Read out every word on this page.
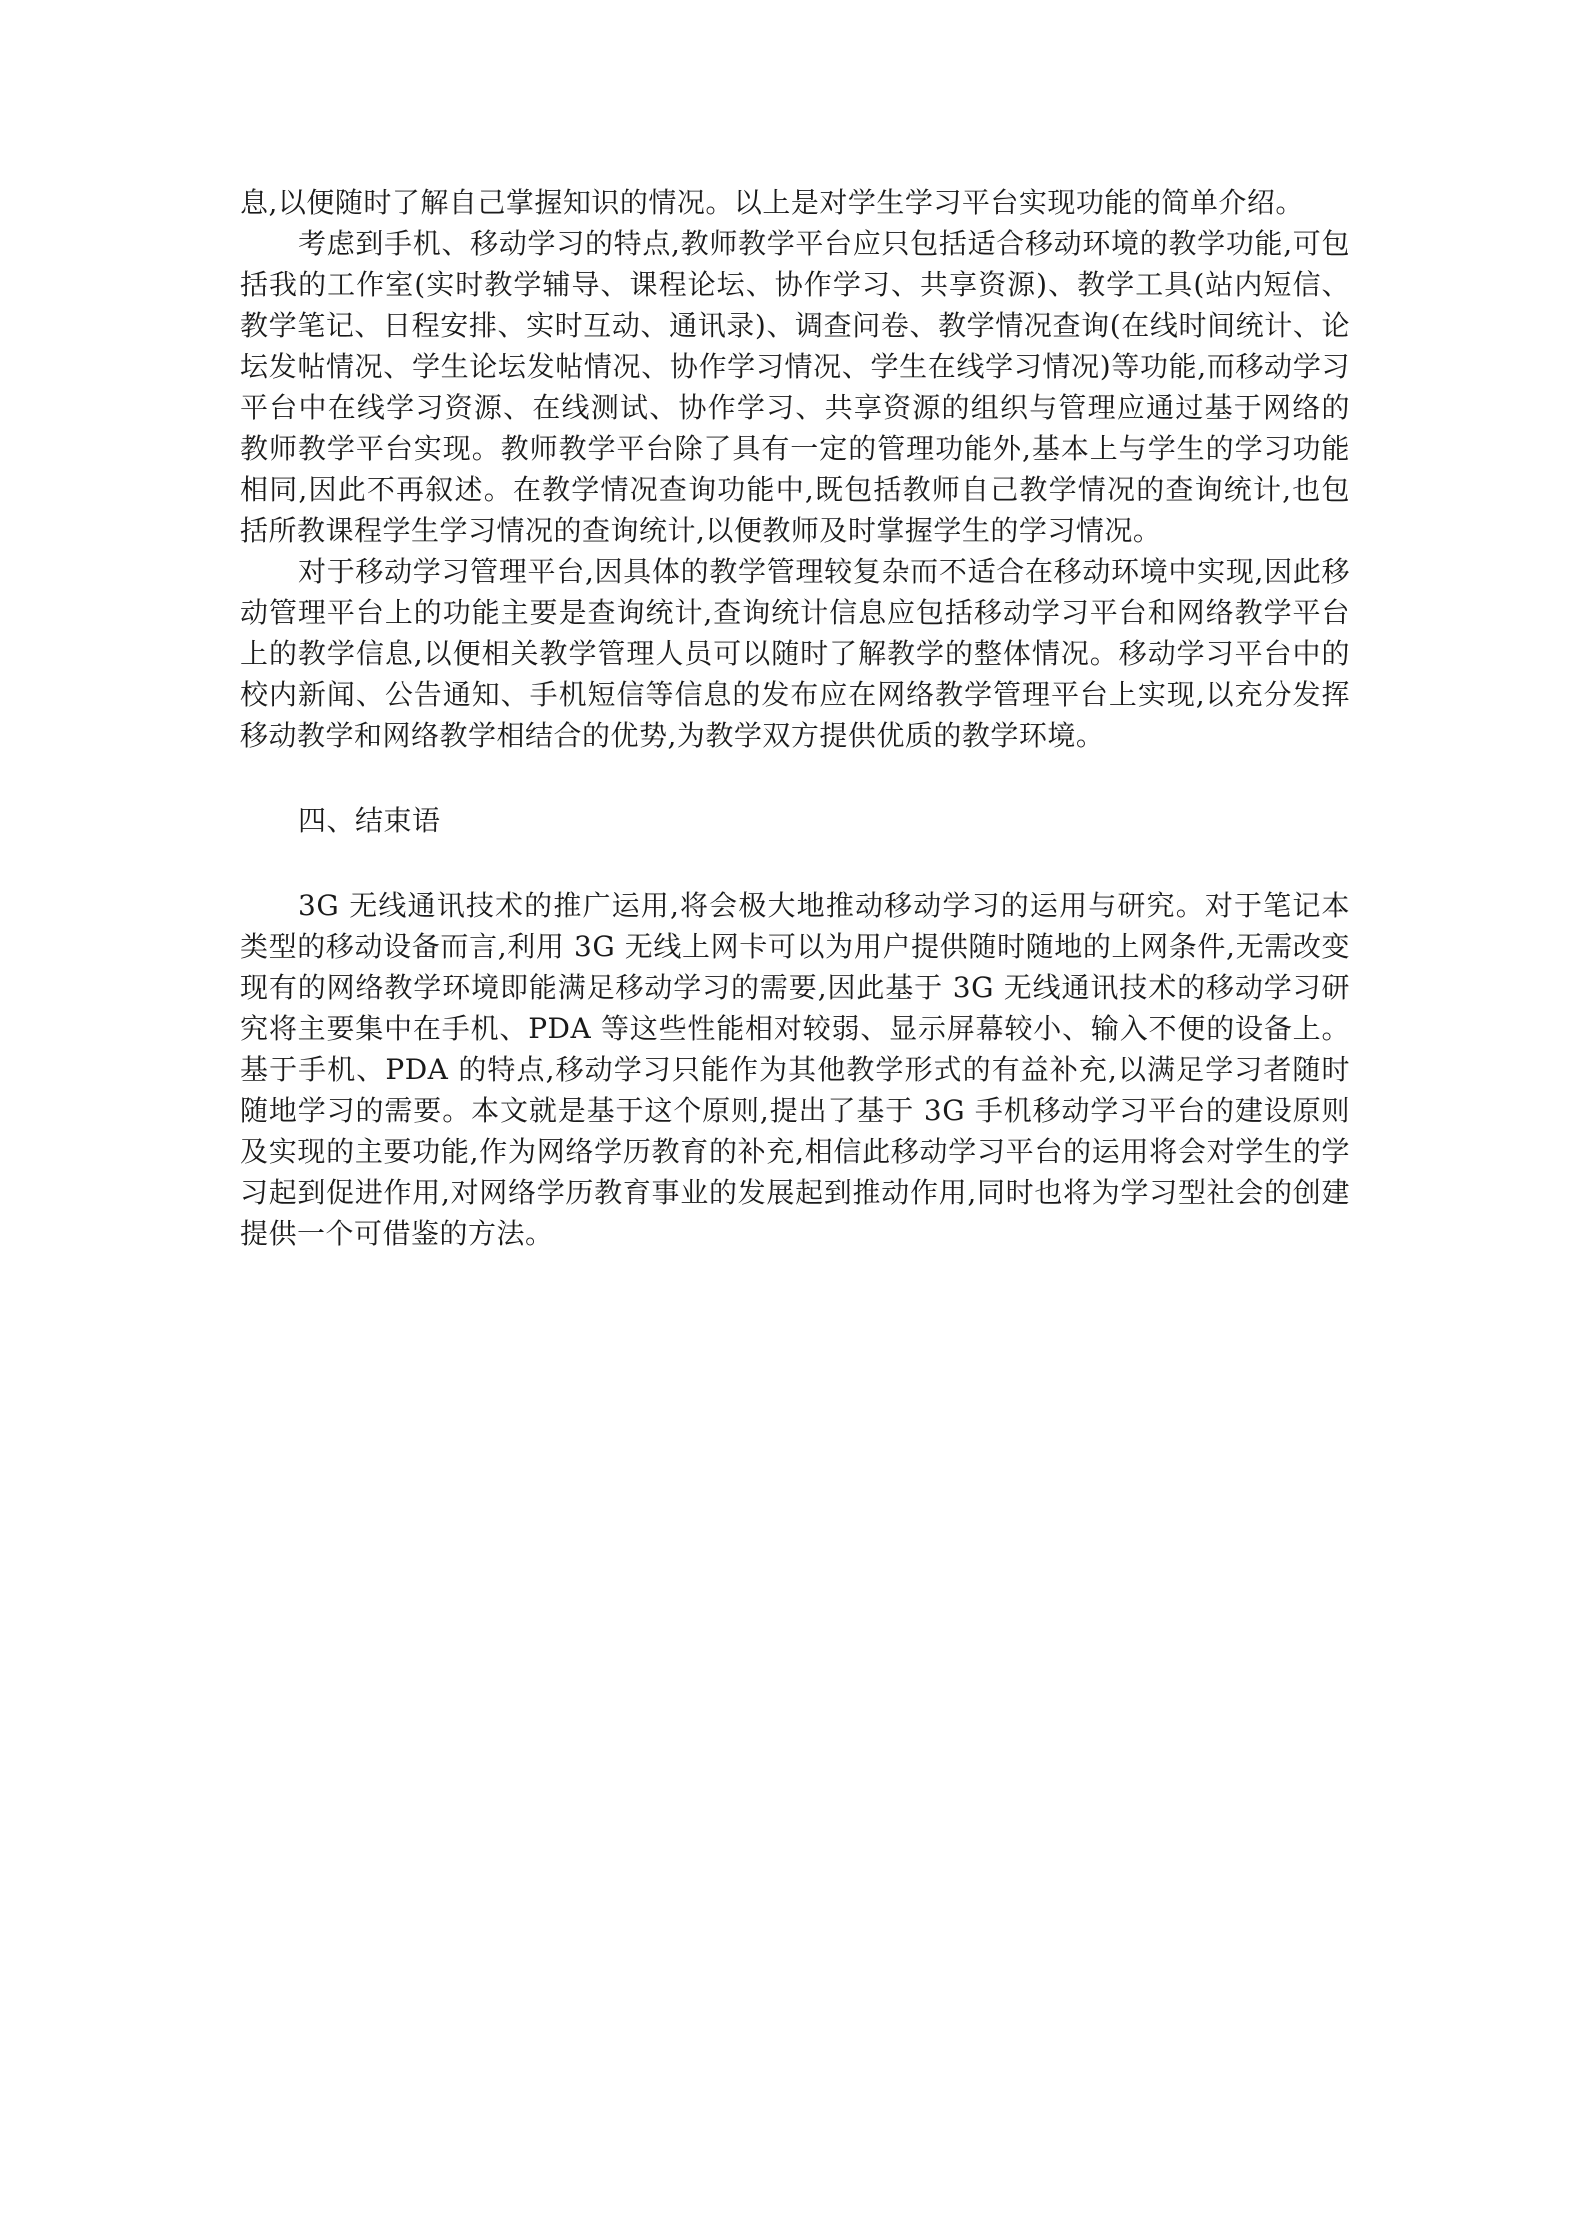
息,以便随时了解自己掌握知识的情况。以上是对学生学习平台实现功能的简单介绍。

考虑到手机、移动学习的特点,教师教学平台应只包括适合移动环境的教学功能,可包括我的工作室(实时教学辅导、课程论坛、协作学习、共享资源)、教学工具(站内短信、教学笔记、日程安排、实时互动、通讯录)、调查问卷、教学情况查询(在线时间统计、论坛发帖情况、学生论坛发帖情况、协作学习情况、学生在线学习情况)等功能,而移动学习平台中在线学习资源、在线测试、协作学习、共享资源的组织与管理应通过基于网络的教师教学平台实现。教师教学平台除了具有一定的管理功能外,基本上与学生的学习功能相同,因此不再叙述。在教学情况查询功能中,既包括教师自己教学情况的查询统计,也包括所教课程学生学习情况的查询统计,以便教师及时掌握学生的学习情况。

对于移动学习管理平台,因具体的教学管理较复杂而不适合在移动环境中实现,因此移动管理平台上的功能主要是查询统计,查询统计信息应包括移动学习平台和网络教学平台上的教学信息,以便相关教学管理人员可以随时了解教学的整体情况。移动学习平台中的校内新闻、公告通知、手机短信等信息的发布应在网络教学管理平台上实现,以充分发挥移动教学和网络教学相结合的优势,为教学双方提供优质的教学环境。

四、结束语

3G 无线通讯技术的推广运用,将会极大地推动移动学习的运用与研究。对于笔记本类型的移动设备而言,利用 3G 无线上网卡可以为用户提供随时随地的上网条件,无需改变现有的网络教学环境即能满足移动学习的需要,因此基于 3G 无线通讯技术的移动学习研究将主要集中在手机、PDA 等这些性能相对较弱、显示屏幕较小、输入不便的设备上。基于手机、PDA 的特点,移动学习只能作为其他教学形式的有益补充,以满足学习者随时随地学习的需要。本文就是基于这个原则,提出了基于 3G 手机移动学习平台的建设原则及实现的主要功能,作为网络学历教育的补充,相信此移动学习平台的运用将会对学生的学习起到促进作用,对网络学历教育事业的发展起到推动作用,同时也将为学习型社会的创建提供一个可借鉴的方法。
